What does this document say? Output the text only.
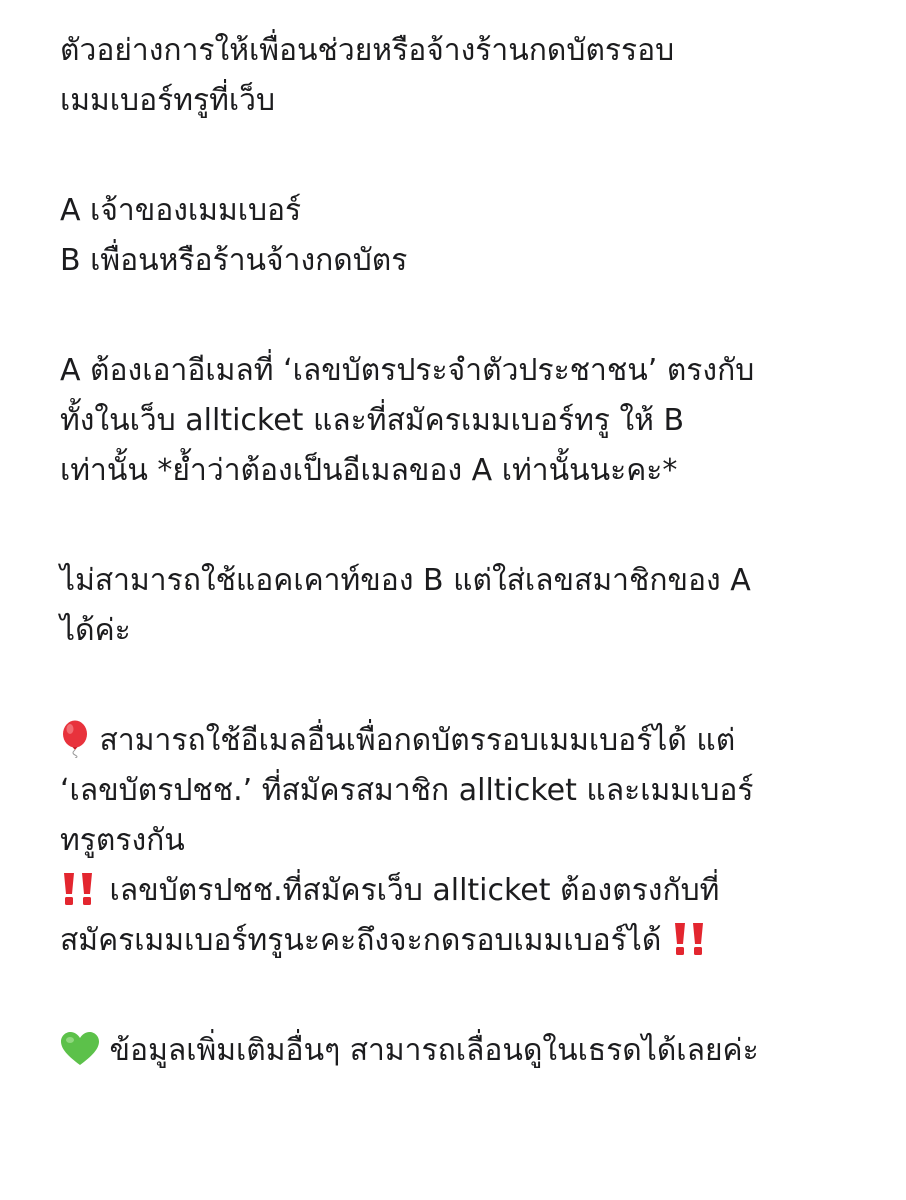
ตัวอย่างการให้เพื่อนช่วยหรือจ้างร้านกดบัตรรอบ
เมมเบอร์ทรูที่เว็บ
A เจ้าของเมมเบอร์
B เพื่อนหรือร้านจ้างกดบัตร
A ต้องเอาอีเมลที่ ‘เลขบัตรประจำตัวประชาชน’ ตรงกับ
ทั้งในเว็บ allticket และที่สมัครเมมเบอร์ทรู ให้ B
เท่านั้น *ย้ำว่าต้องเป็นอีเมลของ A เท่านั้นนะคะ*
ไม่สามารถใช้แอคเคาท์ของ B แต่ใส่เลขสมาชิกของ A
ได้ค่ะ
สามารถใช้อีเมลอื่นเพื่อกดบัตรรอบเมมเบอร์ได้ แต่
‘เลขบัตรปชช.’ ที่สมัครสมาชิก allticket และเมมเบอร์
ทรูตรงกัน
เลขบัตรปชช.ที่สมัครเว็บ allticket ต้องตรงกับที่
สมัครเมมเบอร์ทรูนะคะถึงจะกดรอบเมมเบอร์ได้
ข้อมูลเพิ่มเติมอื่นๆ สามารถเลื่อนดูในเธรดได้เลยค่ะ
